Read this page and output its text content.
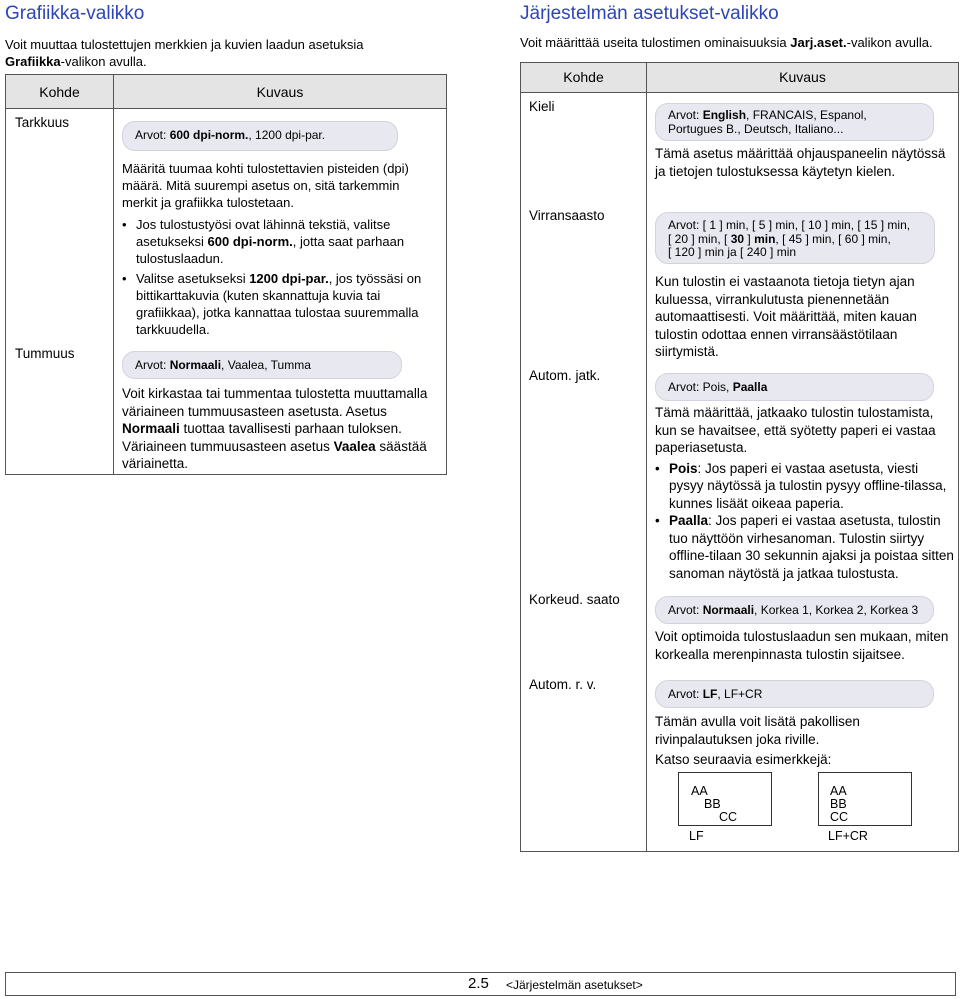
Grafiikka-valikko
Voit muuttaa tulostettujen merkkien ja kuvien laadun asetuksia Grafiikka-valikon avulla.
Kohde	Kuvaus
Tarkkuus
Arvot: 600 dpi-norm., 1200 dpi-par.
Määritä tuumaa kohti tulostettavien pisteiden (dpi) määrä. Mitä suurempi asetus on, sitä tarkemmin merkit ja grafiikka tulostetaan.
• Jos tulostustyösi ovat lähinnä tekstiä, valitse asetukseksi 600 dpi-norm., jotta saat parhaan tulostuslaadun.
• Valitse asetukseksi 1200 dpi-par., jos työssäsi on bittikarttakuvia (kuten skannattuja kuvia tai grafiikkaa), jotka kannattaa tulostaa suuremmalla tarkkuudella.
Tummuus
Arvot: Normaali, Vaalea, Tumma
Voit kirkastaa tai tummentaa tulostetta muuttamalla väriaineen tummuusasteen asetusta. Asetus Normaali tuottaa tavallisesti parhaan tuloksen. Väriaineen tummuusasteen asetus Vaalea säästää väriainetta.
Järjestelmän asetukset-valikko
Voit määrittää useita tulostimen ominaisuuksia Jarj.aset.-valikon avulla.
Kohde	Kuvaus
Kieli
Arvot: English, FRANCAIS, Espanol, Portugues B., Deutsch, Italiano...
Tämä asetus määrittää ohjauspaneelin näytössä ja tietojen tulostuksessa käytetyn kielen.
Virransaasto
Arvot: [ 1 ] min, [ 5 ] min, [ 10 ] min, [ 15 ] min,
[ 20 ] min, [ 30 ] min, [ 45 ] min, [ 60 ] min,
[ 120 ] min ja [ 240 ] min
Kun tulostin ei vastaanota tietoja tietyn ajan kuluessa, virrankulutusta pienennetään automaattisesti. Voit määrittää, miten kauan tulostin odottaa ennen virransäästötilaan siirtymistä.
Autom. jatk.
Arvot: Pois, Paalla
Tämä määrittää, jatkaako tulostin tulostamista, kun se havaitsee, että syötetty paperi ei vastaa paperiasetusta.
• Pois: Jos paperi ei vastaa asetusta, viesti pysyy näytössä ja tulostin pysyy offline-tilassa, kunnes lisäät oikeaa paperia.
• Paalla: Jos paperi ei vastaa asetusta, tulostin tuo näyttöön virhesanoman. Tulostin siirtyy offline-tilaan 30 sekunnin ajaksi ja poistaa sitten sanoman näytöstä ja jatkaa tulostusta.
Korkeud. saato
Arvot: Normaali, Korkea 1, Korkea 2, Korkea 3
Voit optimoida tulostuslaadun sen mukaan, miten korkealla merenpinnasta tulostin sijaitsee.
Autom. r. v.
Arvot: LF, LF+CR
Tämän avulla voit lisätä pakollisen rivinpalautuksen joka riville.
Katso seuraavia esimerkkejä:
AA
BB
CC
LF
AA
BB
CC
LF+CR
2.5 <Järjestelmän asetukset>
